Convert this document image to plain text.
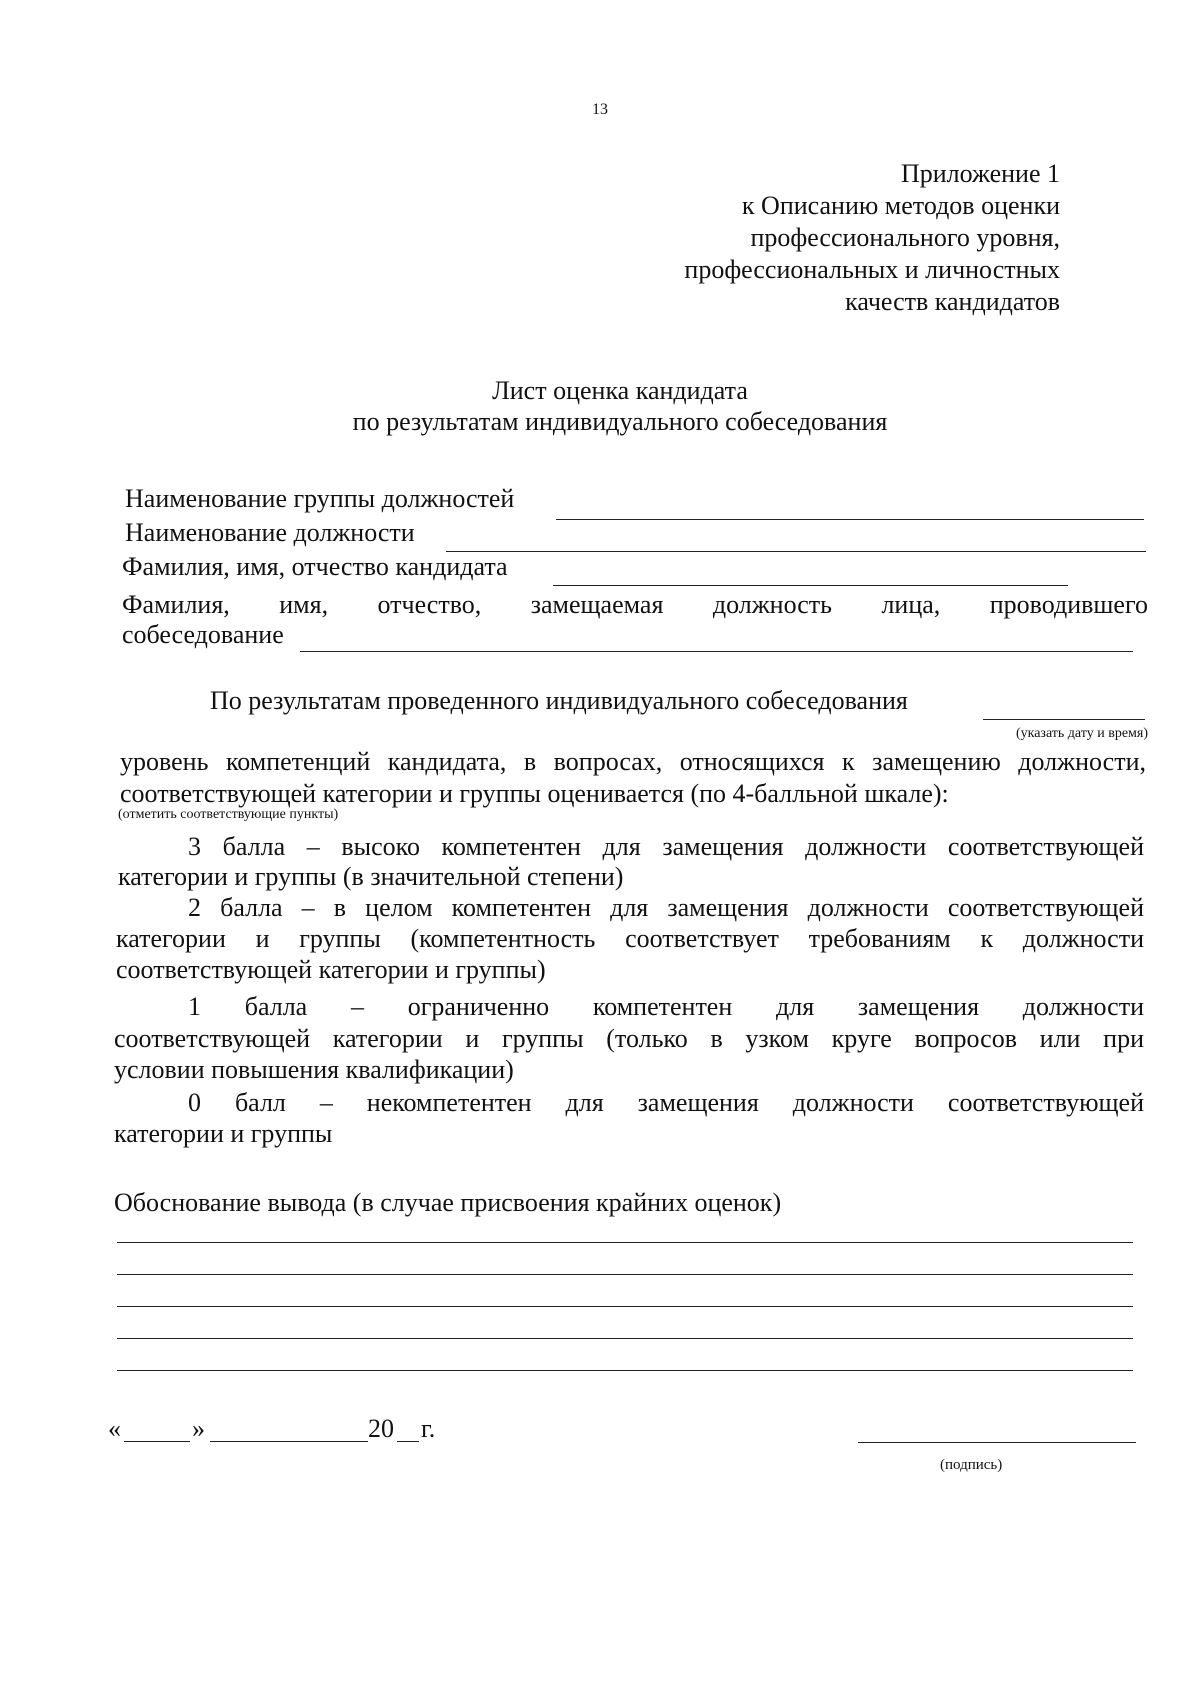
13
Приложение 1
к Описанию методов оценки
профессионального уровня,
профессиональных и личностных
качеств кандидатов
Лист оценка кандидата
по результатам индивидуального собеседования
Наименование группы должностей
Наименование должности
Фамилия, имя, отчество кандидата
Фамилия, имя, отчество, замещаемая должность лица, проводившего
собеседование
По результатам проведенного индивидуального собеседования
(указать дату и время)
уровень компетенций кандидата, в вопросах, относящихся к замещению должности,
соответствующей категории и группы оценивается (по 4-балльной шкале):
(отметить соответствующие пункты)
3 балла – высоко компетентен для замещения должности соответствующей
категории и группы (в значительной степени)
2 балла – в целом компетентен для замещения должности соответствующей
категории и группы (компетентность соответствует требованиям к должности
соответствующей категории и группы)
1 балла – ограниченно компетентен для замещения должности
соответствующей категории и группы (только в узком круге вопросов или при
условии повышения квалификации)
0 балл – некомпетентен для замещения должности соответствующей
категории и группы
Обоснование вывода (в случае присвоения крайних оценок)
«	»	20 г.
(подпись)
